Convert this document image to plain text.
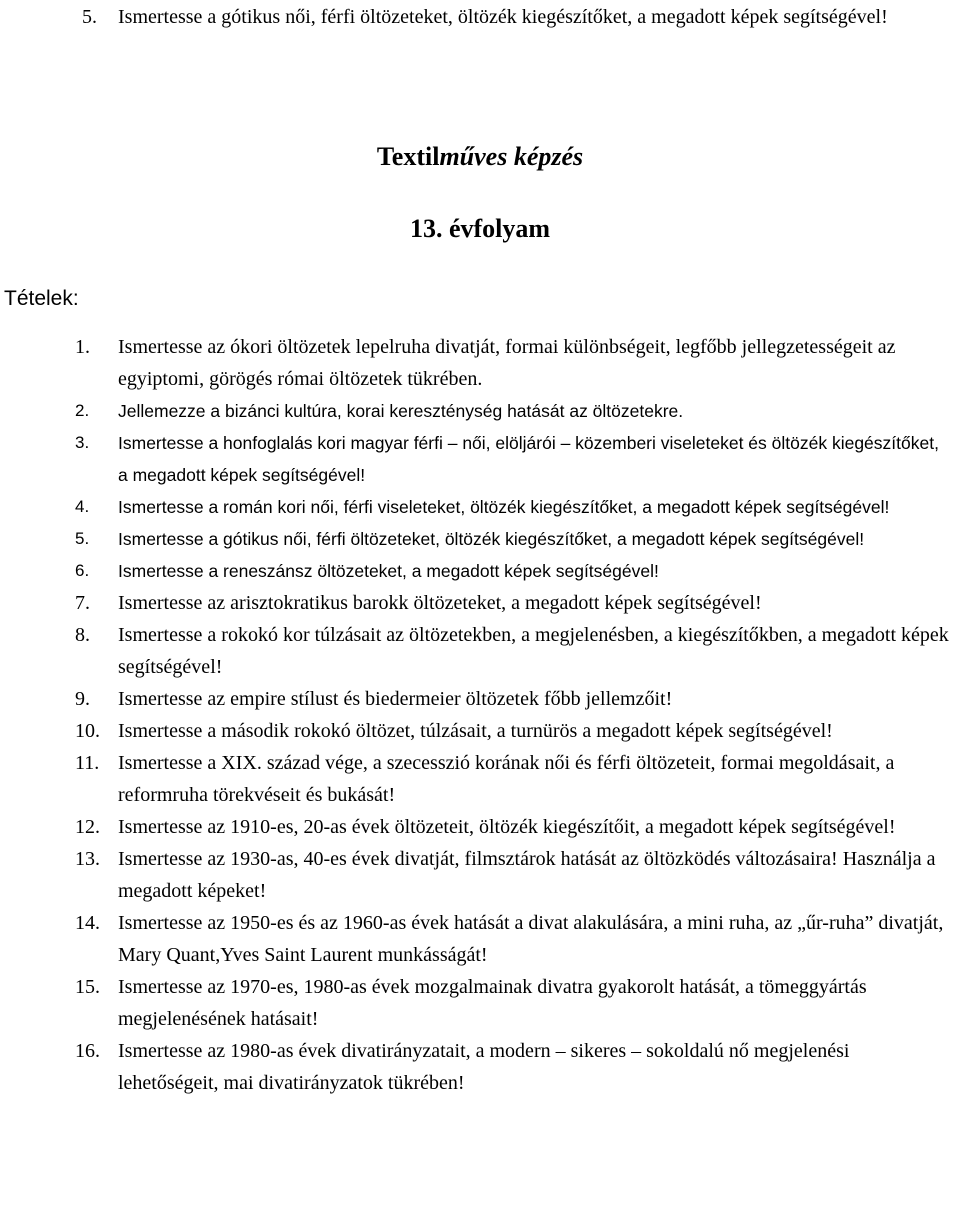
5. Ismertesse a gótikus női, férfi öltözeteket, öltözék kiegészítőket, a megadott képek segítségével!
Textilműves képzés
13. évfolyam
Tételek:
1.	Ismertesse az ókori öltözetek lepelruha divatját, formai különbségeit, legfőbb jellegzetességeit az egyiptomi, görögés római öltözetek tükrében.
2.	Jellemezze a bizánci kultúra, korai kereszténység hatását az öltözetekre.
3.	Ismertesse a honfoglalás kori magyar férfi – női, elöljárói – közemberi viseleteket és öltözék kiegészítőket, a megadott képek segítségével!
4.	Ismertesse a román kori női, férfi viseleteket, öltözék kiegészítőket, a megadott képek segítségével!
5.	Ismertesse a gótikus női, férfi öltözeteket, öltözék kiegészítőket, a megadott képek segítségével!
6.	Ismertesse a reneszánsz öltözeteket, a megadott képek segítségével!
7.	Ismertesse az arisztokratikus barokk öltözeteket, a megadott képek segítségével!
8.	Ismertesse a rokokó kor túlzásait az öltözetekben, a megjelenésben, a kiegészítőkben, a megadott képek segítségével!
9.	Ismertesse az empire stílust és biedermeier öltözetek főbb jellemzőit!
10. Ismertesse a második rokokó öltözet, túlzásait, a turnürös a megadott képek segítségével!
11. Ismertesse a XIX. század vége, a szecesszió korának női és férfi öltözeteit, formai megoldásait, a reformruha törekvéseit és bukását!
12. Ismertesse az 1910-es, 20-as évek öltözeteit, öltözék kiegészítőit, a megadott képek segítségével!
13. Ismertesse az 1930-as, 40-es évek divatját, filmsztárok hatását az öltözködés változásaira! Használja a megadott képeket!
14. Ismertesse az 1950-es és az 1960-as évek hatását a divat alakulására, a mini ruha, az „űr-ruha” divatját, Mary Quant,Yves Saint Laurent munkásságát!
15. Ismertesse az 1970-es, 1980-as évek mozgalmainak divatra gyakorolt hatását, a tömeggyártás megjelenésének hatásait!
16. Ismertesse az 1980-as évek divatirányzatait, a modern – sikeres – sokoldalú nő megjelenési lehetőségeit, mai divatirányzatok tükrében!
